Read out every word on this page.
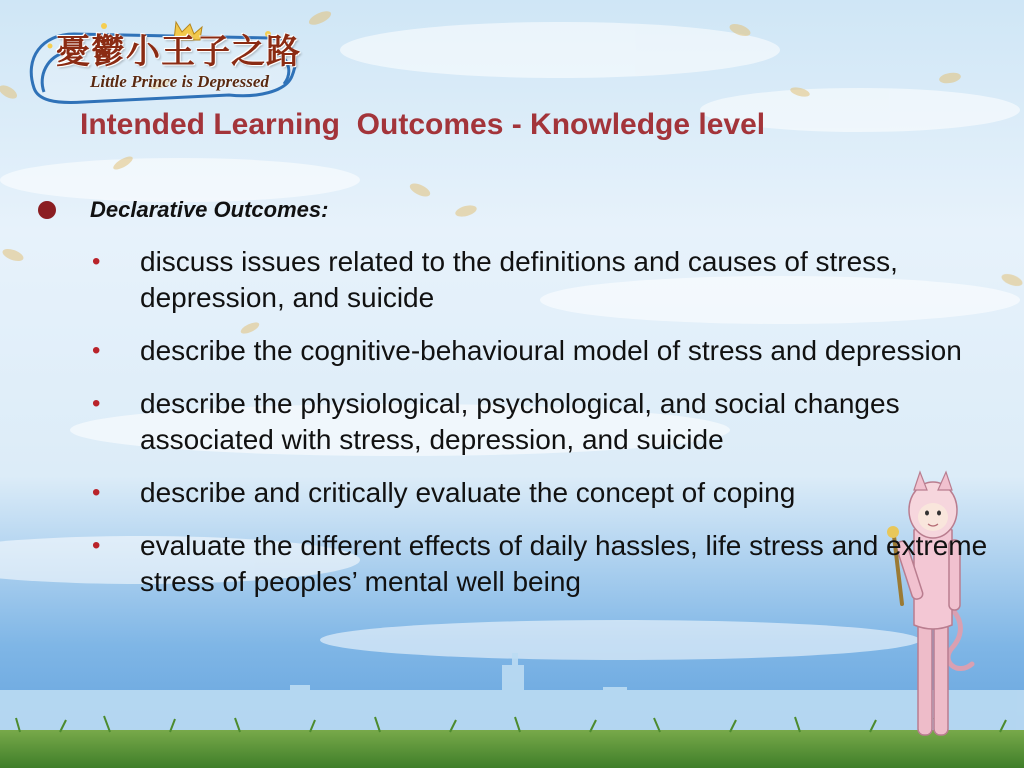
憂鬱小王子之路
Little Prince is Depressed
Intended Learning  Outcomes - Knowledge level
Declarative Outcomes:
• discuss issues related to the definitions and causes of stress, depression, and suicide
• describe the cognitive-behavioural model of stress and depression
• describe the physiological, psychological, and social changes associated with stress, depression, and suicide
• describe and critically evaluate the concept of coping
• evaluate the different effects of daily hassles, life stress and extreme stress of peoples’ mental well being
